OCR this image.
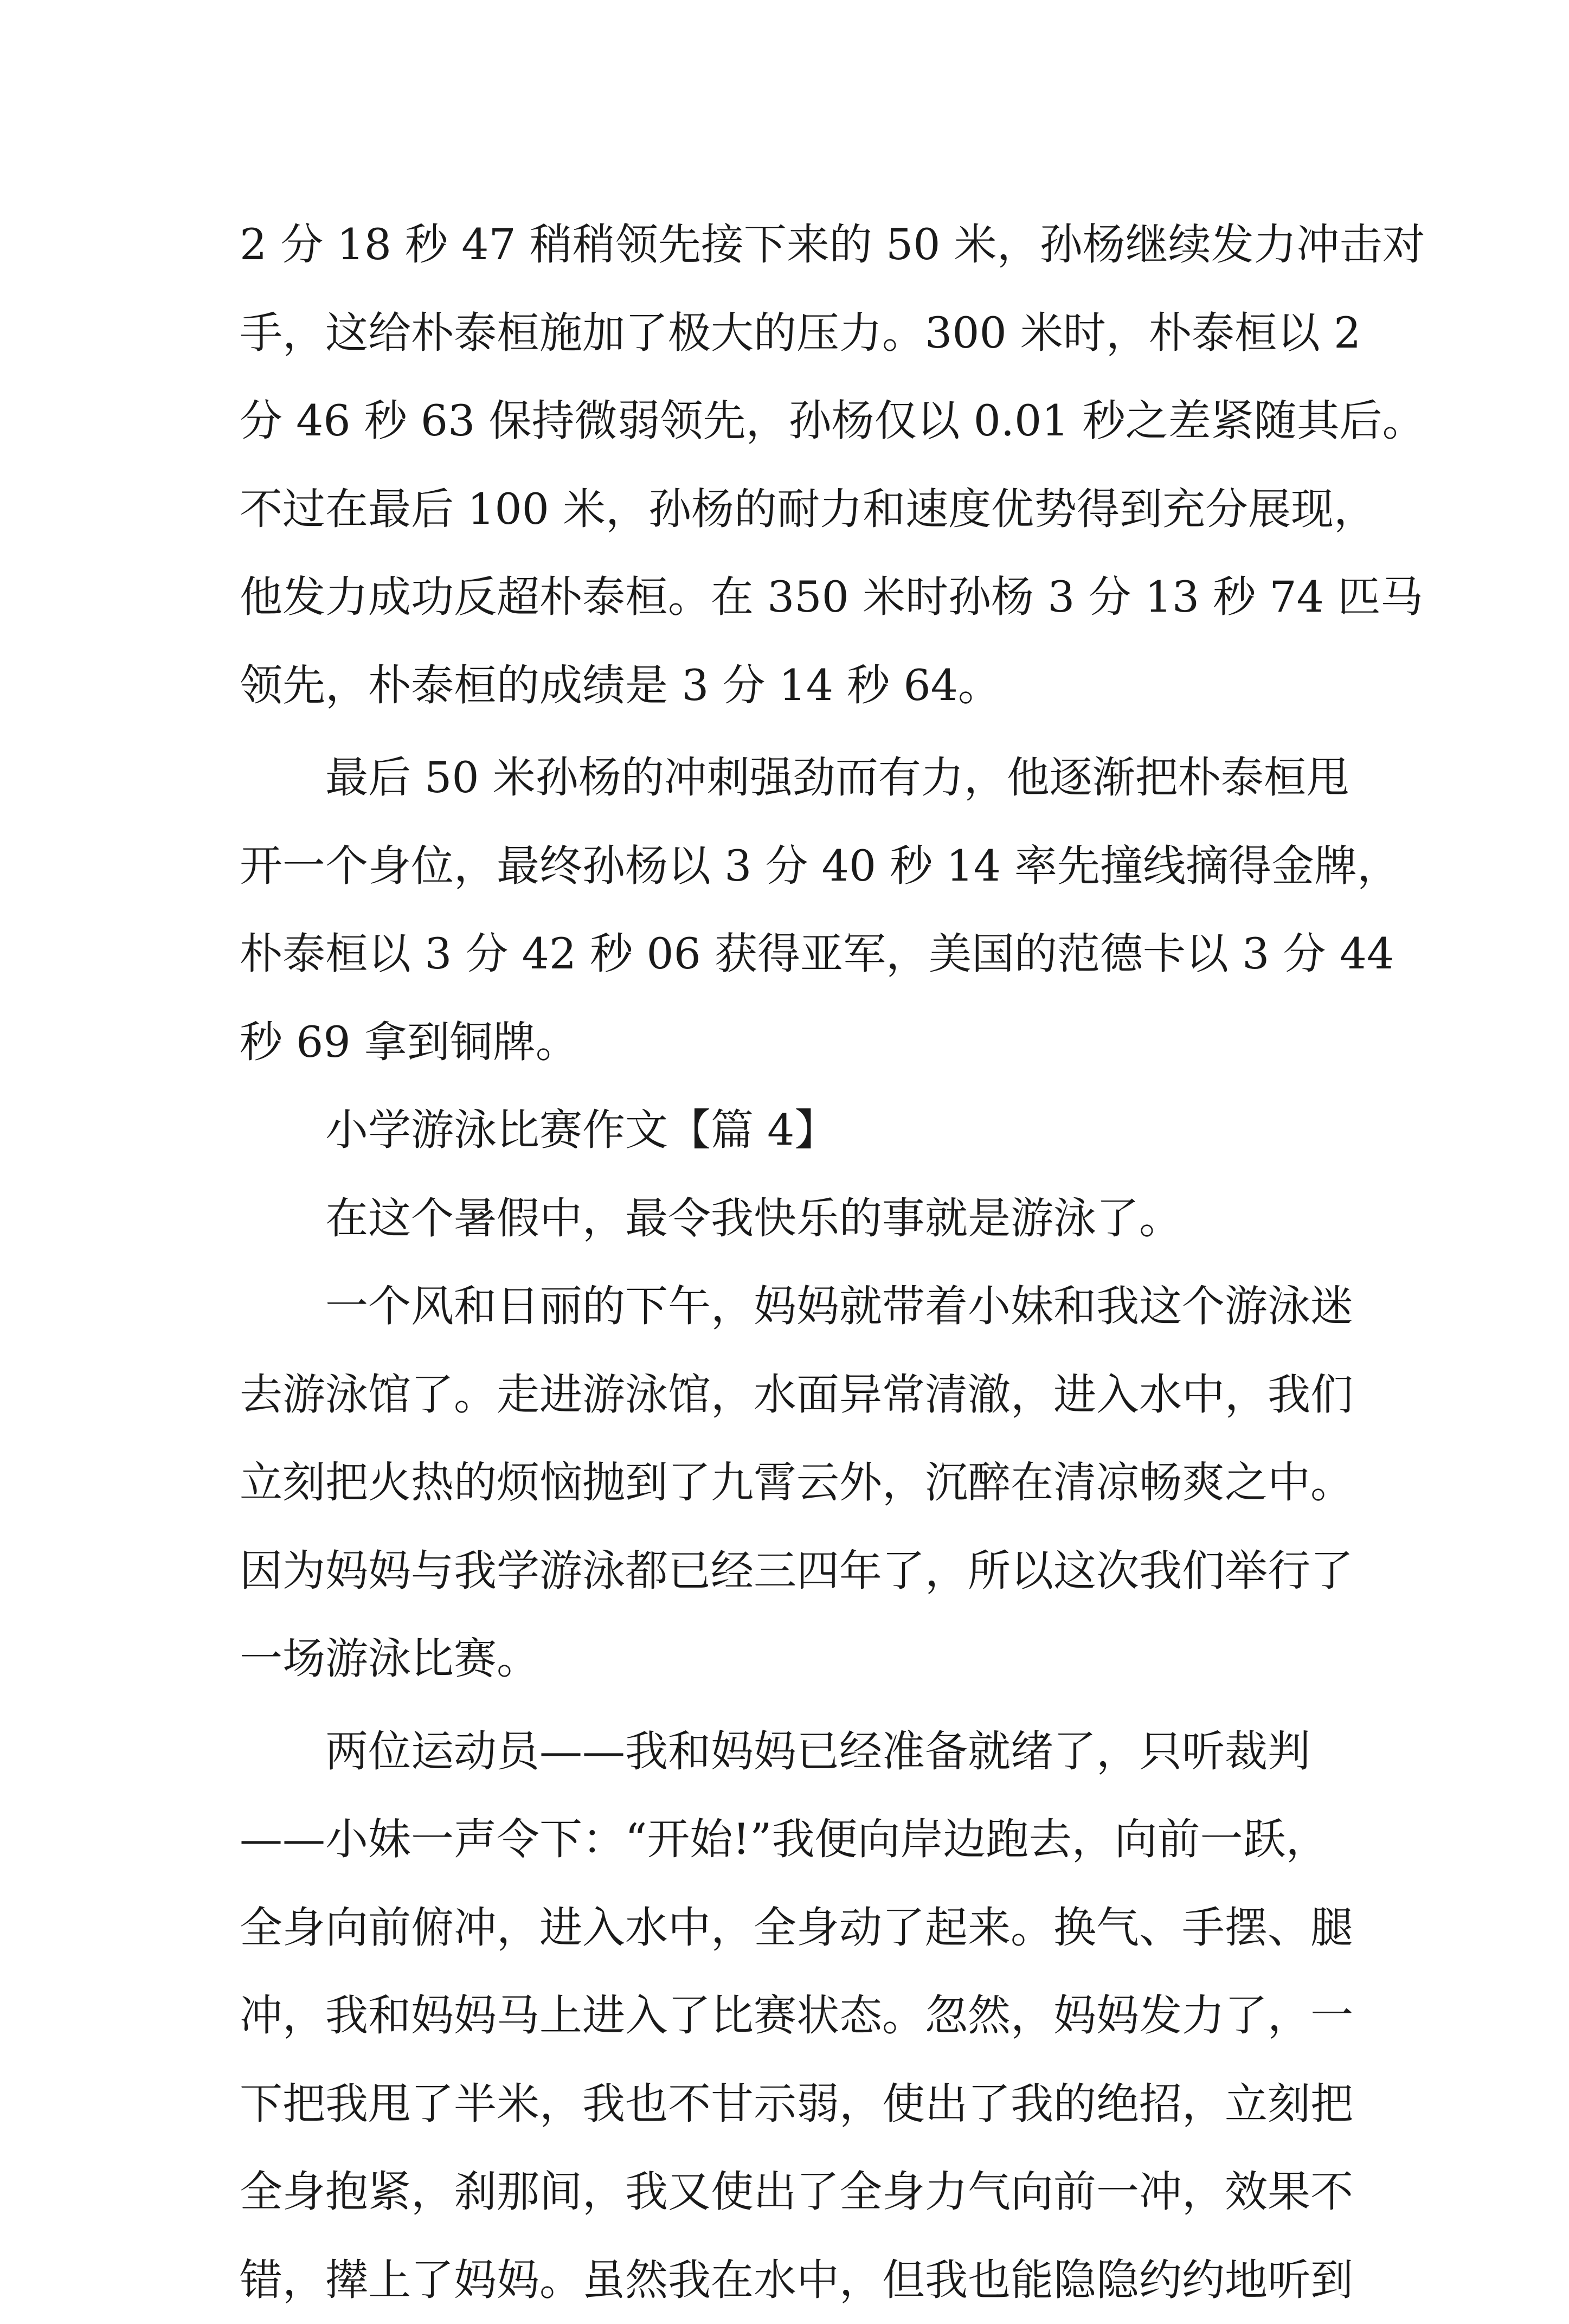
2 分 18 秒 47 稍稍领先接下来的 50 米，孙杨继续发力冲击对
手，这给朴泰桓施加了极大的压力。300 米时，朴泰桓以 2
分 46 秒 63 保持微弱领先，孙杨仅以 0.01 秒之差紧随其后。
不过在最后 100 米，孙杨的耐力和速度优势得到充分展现，
他发力成功反超朴泰桓。在 350 米时孙杨 3 分 13 秒 74 匹马
领先，朴泰桓的成绩是 3 分 14 秒 64。
最后 50 米孙杨的冲刺强劲而有力，他逐渐把朴泰桓甩
开一个身位，最终孙杨以 3 分 40 秒 14 率先撞线摘得金牌，
朴泰桓以 3 分 42 秒 06 获得亚军，美国的范德卡以 3 分 44
秒 69 拿到铜牌。
小学游泳比赛作文【篇 4】
在这个暑假中，最令我快乐的事就是游泳了。
一个风和日丽的下午，妈妈就带着小妹和我这个游泳迷
去游泳馆了。走进游泳馆，水面异常清澈，进入水中，我们
立刻把火热的烦恼抛到了九霄云外，沉醉在清凉畅爽之中。
因为妈妈与我学游泳都已经三四年了，所以这次我们举行了
一场游泳比赛。
两位运动员——我和妈妈已经准备就绪了，只听裁判
——小妹一声令下：“开始!”我便向岸边跑去，向前一跃，
全身向前俯冲，进入水中，全身动了起来。换气、手摆、腿
冲，我和妈妈马上进入了比赛状态。忽然，妈妈发力了，一
下把我甩了半米，我也不甘示弱，使出了我的绝招，立刻把
全身抱紧，刹那间，我又使出了全身力气向前一冲，效果不
错，撵上了妈妈。虽然我在水中，但我也能隐隐约约地听到
